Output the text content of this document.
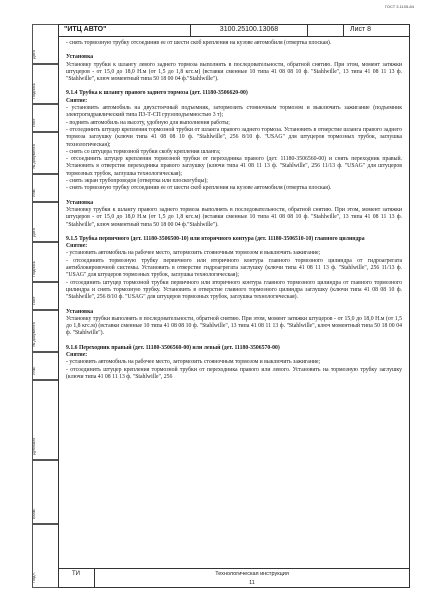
ГОСТ 3.1105-84
"ИТЦ АВТО"	3100.25100.13068	Лист 8
Дата
Подпись
Лист
№ документа
Изм.
Дата
Подпись
Лист
№ документа
Изм.
Дубликат
Взам.
Подл.

- снять тормозную трубку отсоединив ее от шести скоб крепления на кузове автомобиля (отвертка плоская).

Установка

Установку трубки к шлангу левого заднего тормоза выполнять в последовательности, обратной снятию. При этом, момент затяжки штуцеров - от 15,0 до 18,0 Н.м (от 1,5 до 1,8 кгс.м) (вставки сменные 10 типа 41 08 08 10 ф. "Stahlwille", 13 типа 41 08 11 13 ф. "Stahlwille", ключ моментный типа 50 18 00 04 ф."Stahlwille").

9.1.4 Трубка к шлангу правого заднего тормоза (дет. 11180-3506620-00)

Снятие:

- установить автомобиль на двухстоечный подъемник, затормозить стояночным тормозом и выключить зажигание (подъемник электрогидравлический типа П3-Т-СП грузоподъемностью 3 т);

- поднять автомобиль на высоту, удобную для выполнения работы;

- отсоединить штуцер крепления тормозной трубки от шланга правого заднего тормоза. Установить в отверстие шланга правого заднего тормоза заглушку (ключи типа 41 08 08 10 ф. "Stahlwille", 256 8/10 ф. "USAG" для штуцеров тормозных трубок, заглушка технологическая);

- снять со штуцера тормозной трубки скобу крепления шланга;

- отсоединить штуцер крепления тормозной трубки от переходника правого (дет. 11180-3506560-00) и снять переходник правый. Установить в отверстие переходника правого заглушку (ключи типа 41 08 11 13 ф. "Stahlwille", 256 11/13 ф. "USAG" для штуцеров тормозных трубок, заглушка технологическая);

- снять экран трубопроводов (отвертка или плоскогубцы);

- снять тормозную трубку отсоединив ее от шести скоб крепления на кузове автомобиля (отвертка плоская).

Установка

Установку трубки к шлангу правого заднего тормоза выполнять в последовательности, обратной снятию. При этом, момент затяжки штуцеров - от 15,0 до 18,0 Н.м (от 1,5 до 1,8 кгс.м) (вставки сменные 10 типа 41 08 08 10 ф. "Stahlwille", 13 типа 41 08 11 13 ф. "Stahlwille", ключ моментный типа 50 18 00 04 ф."Stahlwille").

9.1.5 Трубка первичного (дет. 11180-3506500-10) или вторичного контура (дет. 11180-3506510-10) главного цилиндра

Снятие:

- установить автомобиль на рабочее место, затормозить стояночным тормозом и выключить зажигание;

- отсоединить тормозную трубку первичного или вторичного контура главного тормозного цилиндра от гидроагрегата антиблокировочной системы. Установить в отверстие гидроагрегата заглушку (ключи типа 41 08 11 13 ф. "Stahlwille", 256 11/13 ф. "USAG" для штуцеров тормозных трубок, заглушка технологическая);

- отсоединить штуцер тормозной трубки первичного или вторичного контура главного тормозного цилиндра от главного тормозного цилиндра и снять тормозную трубку. Установить в отверстие главного тормозного цилиндра заглушку (ключи типа 41 08 08 10 ф. "Stahlwille", 256 8/10 ф. "USAG" для штуцеров тормозных трубок, заглушка технологическая).

Установка

Установку трубки выполнять в последовательности, обратной снятию. При этом, момент затяжки штуцеров - от 15,0 до 18,0 Н.м (от 1,5 до 1,8 кгс.м) (вставки сменные 10 типа 41 08 08 10 ф. "Stahlwille", 13 типа 41 08 11 13 ф. "Stahlwille", ключ моментный типа 50 18 00 04 ф. "Stahlwille").

9.1.6 Переходник правый (дет. 11180-3506560-00) или левый (дет. 11180-3506570-00)

Снятие:

- установить автомобиль на рабочее место, затормозить стояночным тормозом и выключить зажигание;

- отсоединить штуцер крепления тормозной трубки от переходника правого или левого. Установить на тормозную трубку заглушку (ключи типа 41 08 11 13 ф. "Stahlwille", 256

ТИ	Технологическая инструкция
11
